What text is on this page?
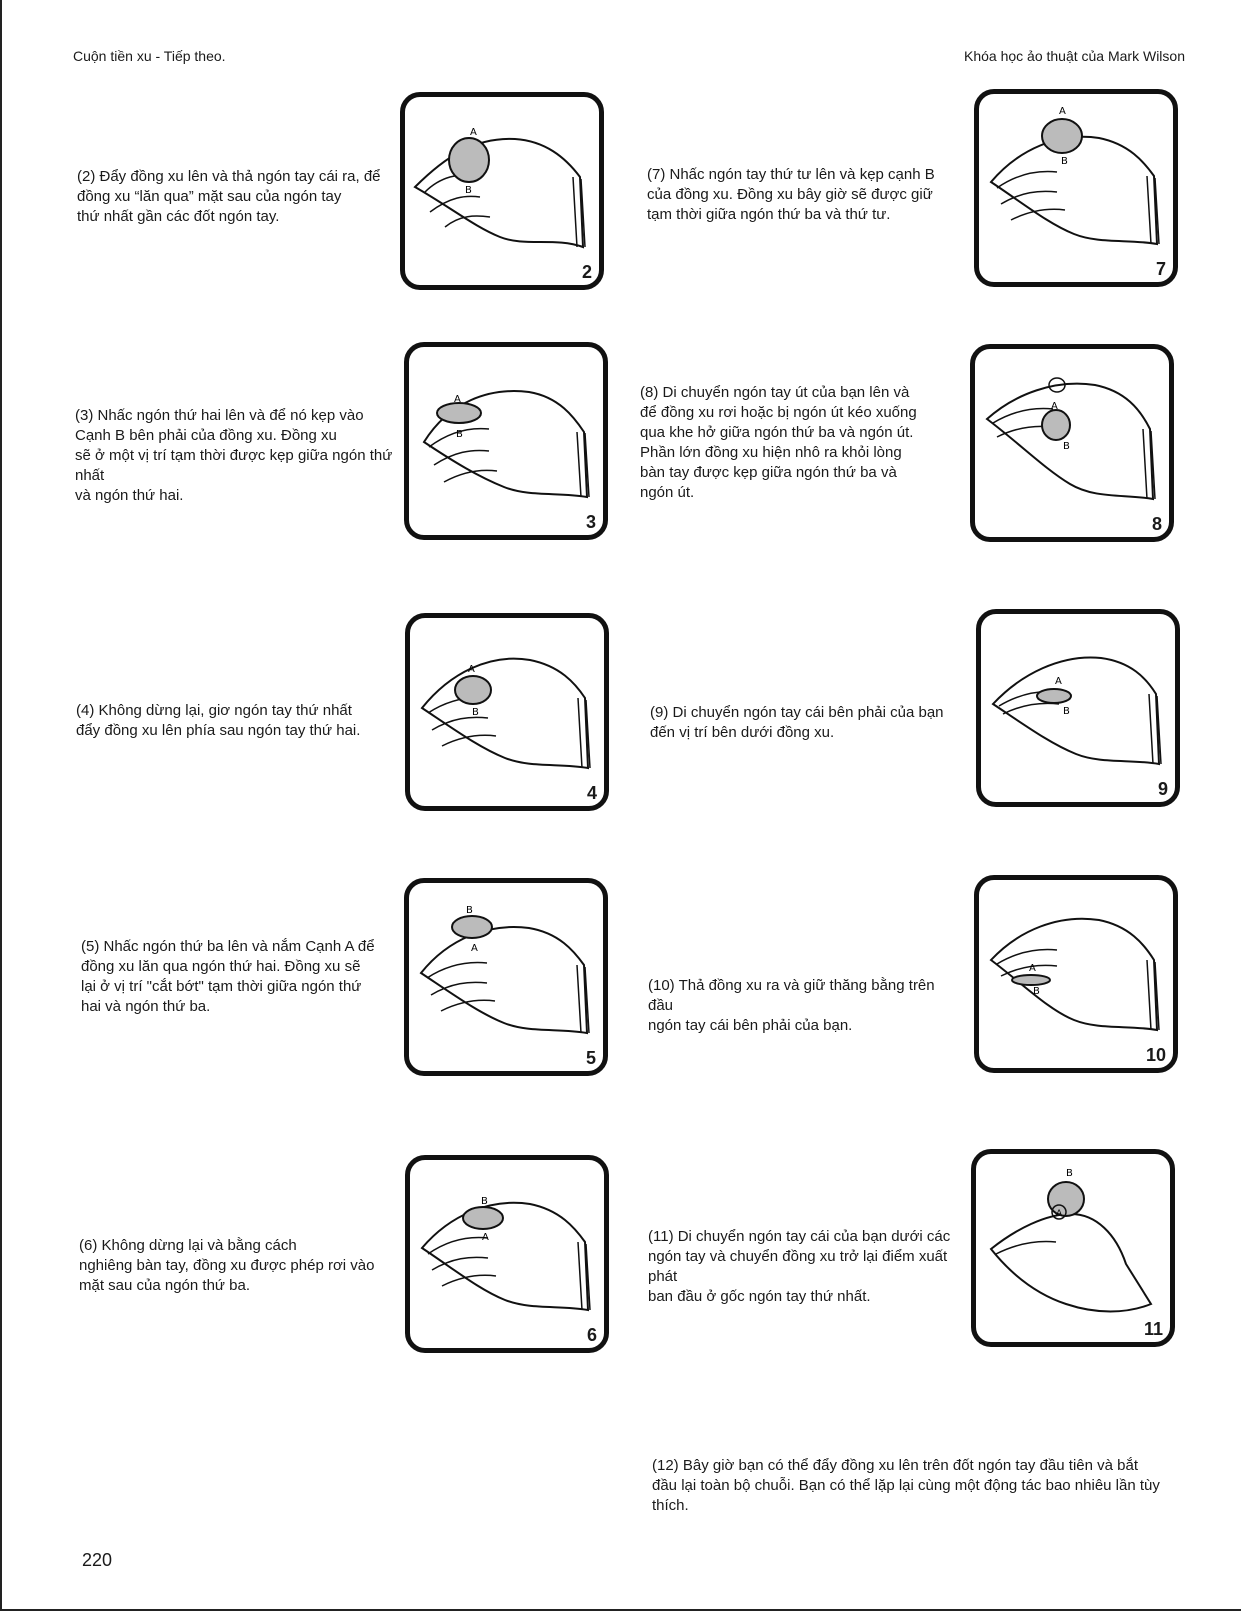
Cuộn tiền xu - Tiếp theo.	Khóa học ảo thuật của Mark Wilson
(2) Đẩy đồng xu lên và thả ngón tay cái ra, để
đồng xu “lăn qua” mặt sau của ngón tay
thứ nhất gần các đốt ngón tay.
(3) Nhấc ngón thứ hai lên và để nó kẹp vào
Cạnh B bên phải của đồng xu. Đồng xu
sẽ ở một vị trí tạm thời được kẹp giữa ngón thứ nhất
và ngón thứ hai.
(4) Không dừng lại, giơ ngón tay thứ nhất
đẩy đồng xu lên phía sau ngón tay thứ hai.
(5) Nhấc ngón thứ ba lên và nắm Cạnh A để
đồng xu lăn qua ngón thứ hai. Đồng xu sẽ
lại ở vị trí "cắt bớt" tạm thời giữa ngón thứ
hai và ngón thứ ba.
(6) Không dừng lại và bằng cách
nghiêng bàn tay, đồng xu được phép rơi vào
mặt sau của ngón thứ ba.
(7) Nhấc ngón tay thứ tư lên và kẹp cạnh B
của đồng xu. Đồng xu bây giờ sẽ được giữ
tạm thời giữa ngón thứ ba và thứ tư.
(8) Di chuyển ngón tay út của bạn lên và
để đồng xu rơi hoặc bị ngón út kéo xuống
qua khe hở giữa ngón thứ ba và ngón út.
Phần lớn đồng xu hiện nhô ra khỏi lòng
bàn tay được kẹp giữa ngón thứ ba và
ngón út.
(9) Di chuyển ngón tay cái bên phải của bạn
đến vị trí bên dưới đồng xu.
(10) Thả đồng xu ra và giữ thăng bằng trên đầu
ngón tay cái bên phải của bạn.
(11) Di chuyển ngón tay cái của bạn dưới các
ngón tay và chuyển đồng xu trở lại điểm xuất phát
ban đầu ở gốc ngón tay thứ nhất.
(12) Bây giờ bạn có thể đẩy đồng xu lên trên đốt ngón tay đầu tiên và bắt
đầu lại toàn bộ chuỗi. Bạn có thể lặp lại cùng một động tác bao nhiêu lần tùy
thích.
A
B
2
A
B
3
A
B
4
B
A
5
B
A
6
A
B
7
A
B
8
A
B
9
A
B
10
B
A
11
220
